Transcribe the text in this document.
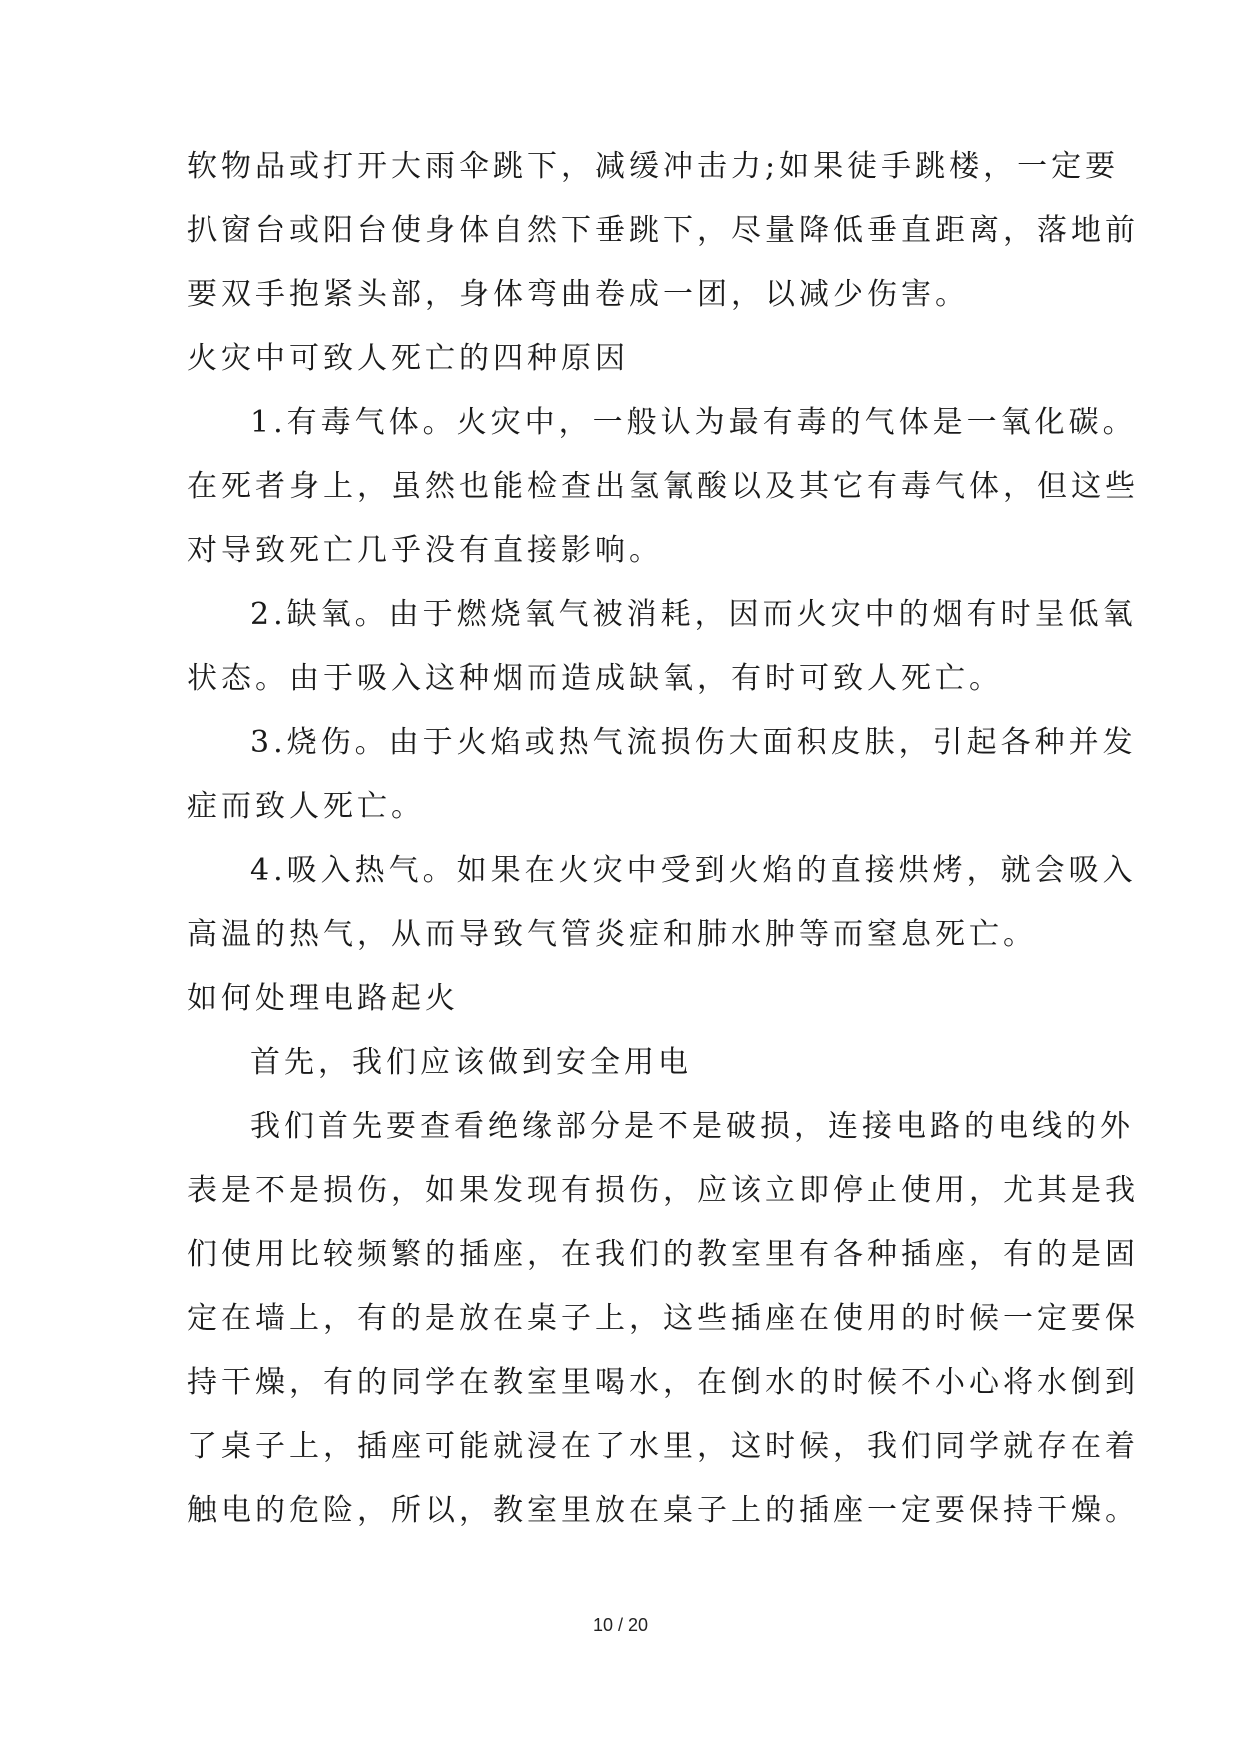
软物品或打开大雨伞跳下，减缓冲击力;如果徒手跳楼，一定要
扒窗台或阳台使身体自然下垂跳下，尽量降低垂直距离，落地前
要双手抱紧头部，身体弯曲卷成一团，以减少伤害。
火灾中可致人死亡的四种原因
1.有毒气体。火灾中，一般认为最有毒的气体是一氧化碳。
在死者身上，虽然也能检查出氢氰酸以及其它有毒气体，但这些
对导致死亡几乎没有直接影响。
2.缺氧。由于燃烧氧气被消耗，因而火灾中的烟有时呈低氧
状态。由于吸入这种烟而造成缺氧，有时可致人死亡。
3.烧伤。由于火焰或热气流损伤大面积皮肤，引起各种并发
症而致人死亡。
4.吸入热气。如果在火灾中受到火焰的直接烘烤，就会吸入
高温的热气，从而导致气管炎症和肺水肿等而窒息死亡。
如何处理电路起火
首先，我们应该做到安全用电
我们首先要查看绝缘部分是不是破损，连接电路的电线的外
表是不是损伤，如果发现有损伤，应该立即停止使用，尤其是我
们使用比较频繁的插座，在我们的教室里有各种插座，有的是固
定在墙上，有的是放在桌子上，这些插座在使用的时候一定要保
持干燥，有的同学在教室里喝水，在倒水的时候不小心将水倒到
了桌子上，插座可能就浸在了水里，这时候，我们同学就存在着
触电的危险，所以，教室里放在桌子上的插座一定要保持干燥。
10 / 20
